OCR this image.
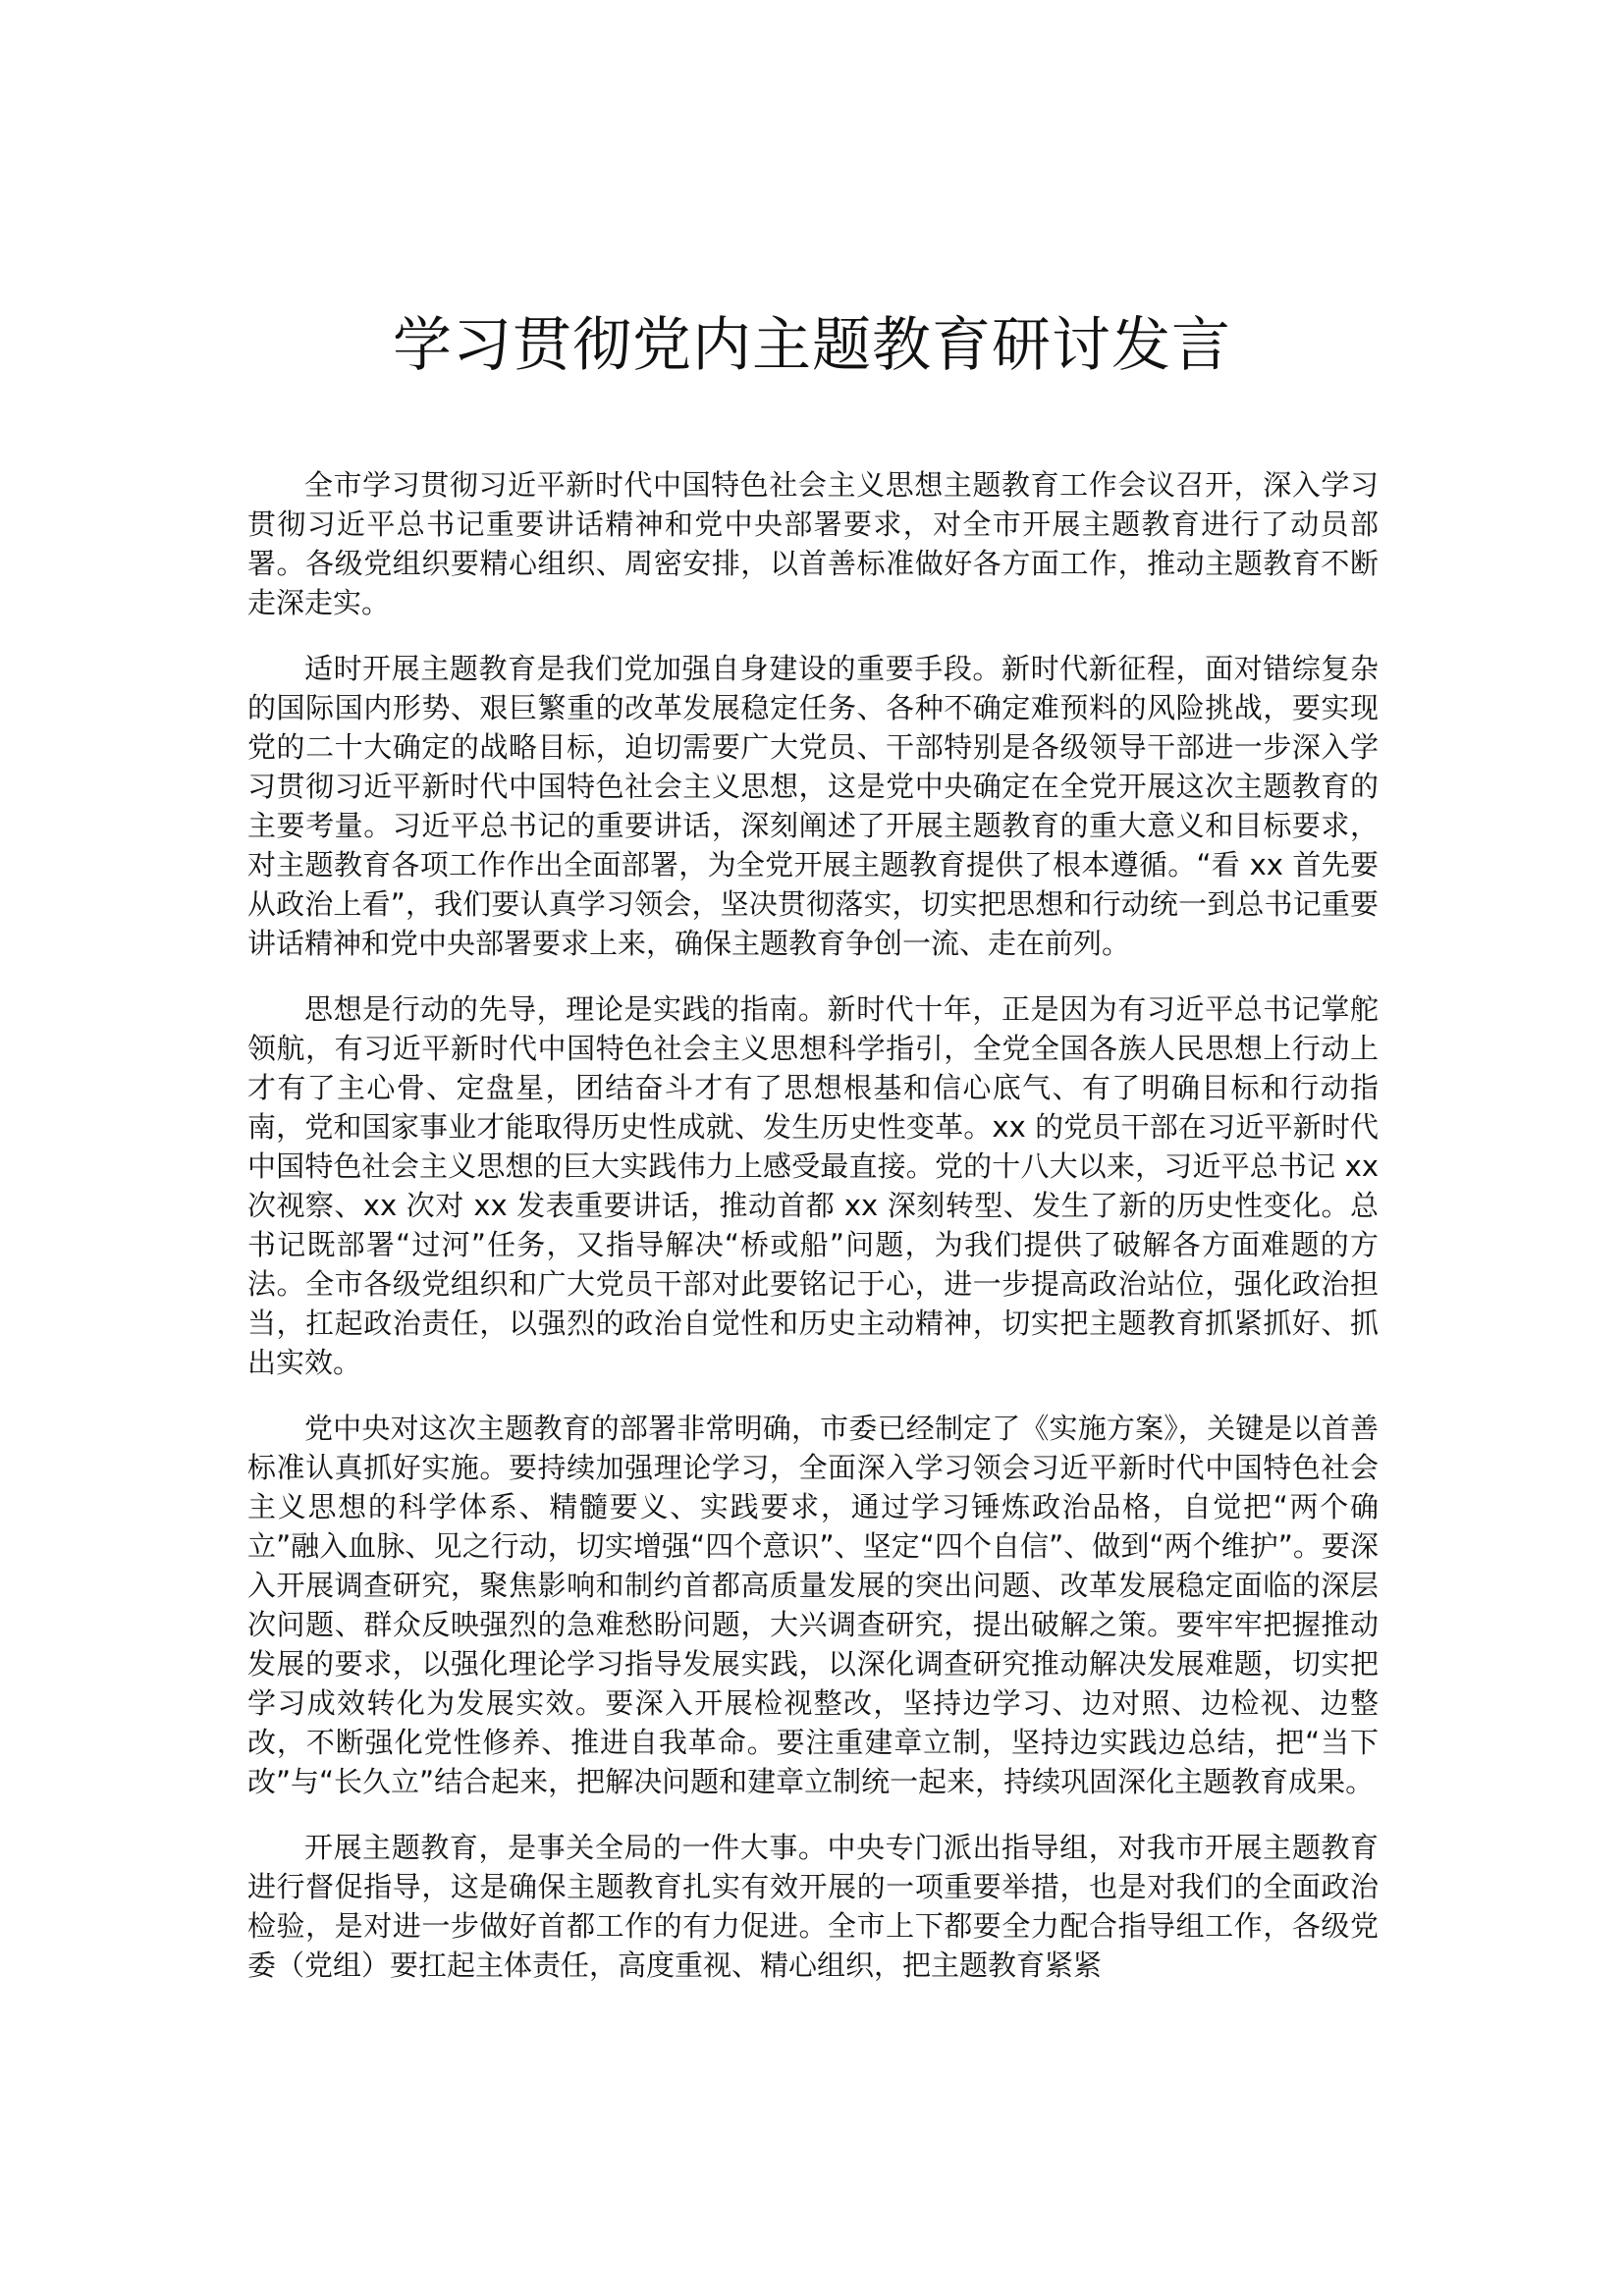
学习贯彻党内主题教育研讨发言

全市学习贯彻习近平新时代中国特色社会主义思想主题教育工作会议召开，深入学习贯彻习近平总书记重要讲话精神和党中央部署要求，对全市开展主题教育进行了动员部署。各级党组织要精心组织、周密安排，以首善标准做好各方面工作，推动主题教育不断走深走实。

适时开展主题教育是我们党加强自身建设的重要手段。新时代新征程，面对错综复杂的国际国内形势、艰巨繁重的改革发展稳定任务、各种不确定难预料的风险挑战，要实现党的二十大确定的战略目标，迫切需要广大党员、干部特别是各级领导干部进一步深入学习贯彻习近平新时代中国特色社会主义思想，这是党中央确定在全党开展这次主题教育的主要考量。习近平总书记的重要讲话，深刻阐述了开展主题教育的重大意义和目标要求，对主题教育各项工作作出全面部署，为全党开展主题教育提供了根本遵循。“看 xx 首先要从政治上看”，我们要认真学习领会，坚决贯彻落实，切实把思想和行动统一到总书记重要讲话精神和党中央部署要求上来，确保主题教育争创一流、走在前列。

思想是行动的先导，理论是实践的指南。新时代十年，正是因为有习近平总书记掌舵领航，有习近平新时代中国特色社会主义思想科学指引，全党全国各族人民思想上行动上才有了主心骨、定盘星，团结奋斗才有了思想根基和信心底气、有了明确目标和行动指南，党和国家事业才能取得历史性成就、发生历史性变革。xx 的党员干部在习近平新时代中国特色社会主义思想的巨大实践伟力上感受最直接。党的十八大以来，习近平总书记 xx 次视察、xx 次对 xx 发表重要讲话，推动首都 xx 深刻转型、发生了新的历史性变化。总书记既部署“过河”任务，又指导解决“桥或船”问题，为我们提供了破解各方面难题的方法。全市各级党组织和广大党员干部对此要铭记于心，进一步提高政治站位，强化政治担当，扛起政治责任，以强烈的政治自觉性和历史主动精神，切实把主题教育抓紧抓好、抓出实效。

党中央对这次主题教育的部署非常明确，市委已经制定了《实施方案》，关键是以首善标准认真抓好实施。要持续加强理论学习，全面深入学习领会习近平新时代中国特色社会主义思想的科学体系、精髓要义、实践要求，通过学习锤炼政治品格，自觉把“两个确立”融入血脉、见之行动，切实增强“四个意识”、坚定“四个自信”、做到“两个维护”。要深入开展调查研究，聚焦影响和制约首都高质量发展的突出问题、改革发展稳定面临的深层次问题、群众反映强烈的急难愁盼问题，大兴调查研究，提出破解之策。要牢牢把握推动发展的要求，以强化理论学习指导发展实践，以深化调查研究推动解决发展难题，切实把学习成效转化为发展实效。要深入开展检视整改，坚持边学习、边对照、边检视、边整改，不断强化党性修养、推进自我革命。要注重建章立制，坚持边实践边总结，把“当下改”与“长久立”结合起来，把解决问题和建章立制统一起来，持续巩固深化主题教育成果。

开展主题教育，是事关全局的一件大事。中央专门派出指导组，对我市开展主题教育进行督促指导，这是确保主题教育扎实有效开展的一项重要举措，也是对我们的全面政治检验，是对进一步做好首都工作的有力促进。全市上下都要全力配合指导组工作，各级党委（党组）要扛起主体责任，高度重视、精心组织，把主题教育紧紧
